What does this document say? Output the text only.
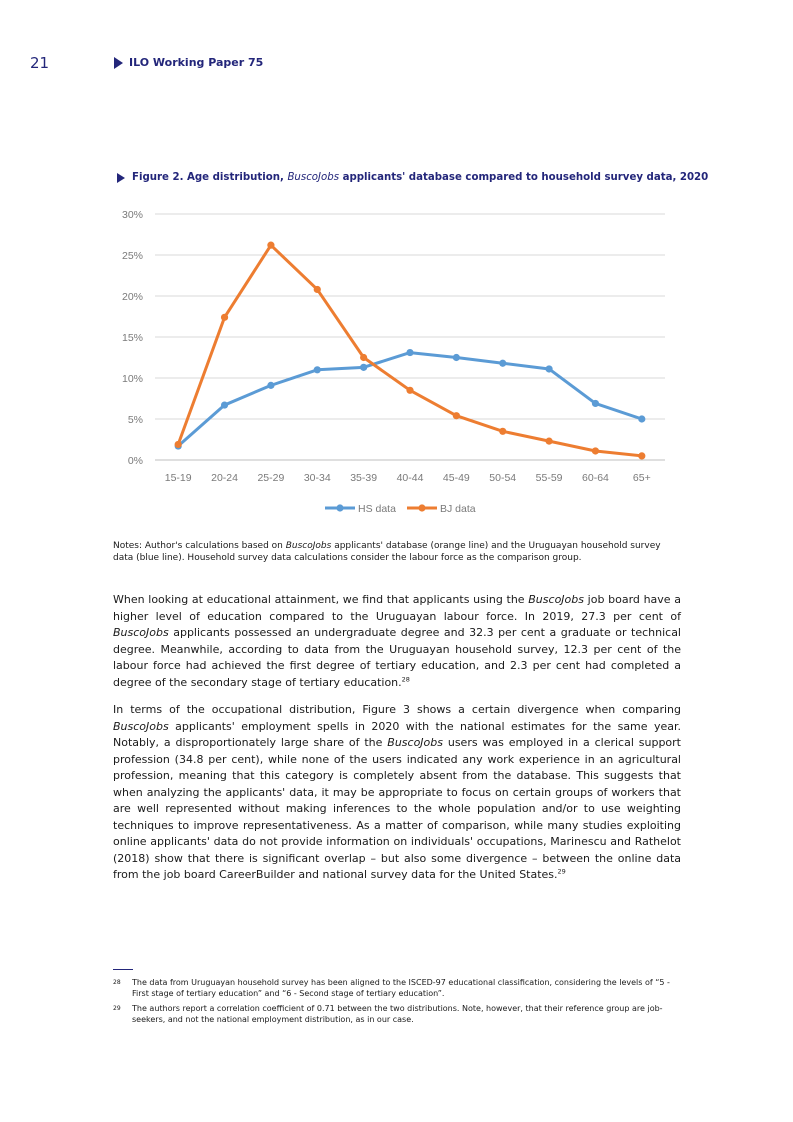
21	ILO Working Paper 75
Figure 2. Age distribution, BuscoJobs applicants' database compared to household survey data, 2020
0%
5%
10%
15%
20%
25%
30%
15-19 20-24 25-29 30-34 35-39 40-44 45-49 50-54 55-59 60-64 65+
HS data	BJ data
Notes: Author's calculations based on BuscoJobs applicants' database (orange line) and the Uruguayan household survey data (blue line). Household survey data calculations consider the labour force as the comparison group.
When looking at educational attainment, we find that applicants using the BuscoJobs job board have a higher level of education compared to the Uruguayan labour force. In 2019, 27.3 per cent of BuscoJobs applicants possessed an undergraduate degree and 32.3 per cent a graduate or technical degree. Meanwhile, according to data from the Uruguayan household survey, 12.3 per cent of the labour force had achieved the first degree of tertiary education, and 2.3 per cent had completed a degree of the secondary stage of tertiary education.$^{28}$
In terms of the occupational distribution, Figure 3 shows a certain divergence when comparing BuscoJobs applicants' employment spells in 2020 with the national estimates for the same year. Notably, a disproportionately large share of the BuscoJobs users was employed in a clerical support profession (34.8 per cent), while none of the users indicated any work experience in an agricultural profession, meaning that this category is completely absent from the database. This suggests that when analyzing the applicants' data, it may be appropriate to focus on certain groups of workers that are well represented without making inferences to the whole population and/or to use weighting techniques to improve representativeness. As a matter of comparison, while many studies exploiting online applicants' data do not provide information on individuals' occupations, Marinescu and Rathelot (2018) show that there is significant overlap – but also some divergence – between the online data from the job board CareerBuilder and national survey data for the United States.$^{29}$
28	The data from Uruguayan household survey has been aligned to the ISCED-97 educational classification, considering the levels of “5 - First stage of tertiary education” and “6 - Second stage of tertiary education”.
29	The authors report a correlation coefficient of 0.71 between the two distributions. Note, however, that their reference group are job-seekers, and not the national employment distribution, as in our case.
